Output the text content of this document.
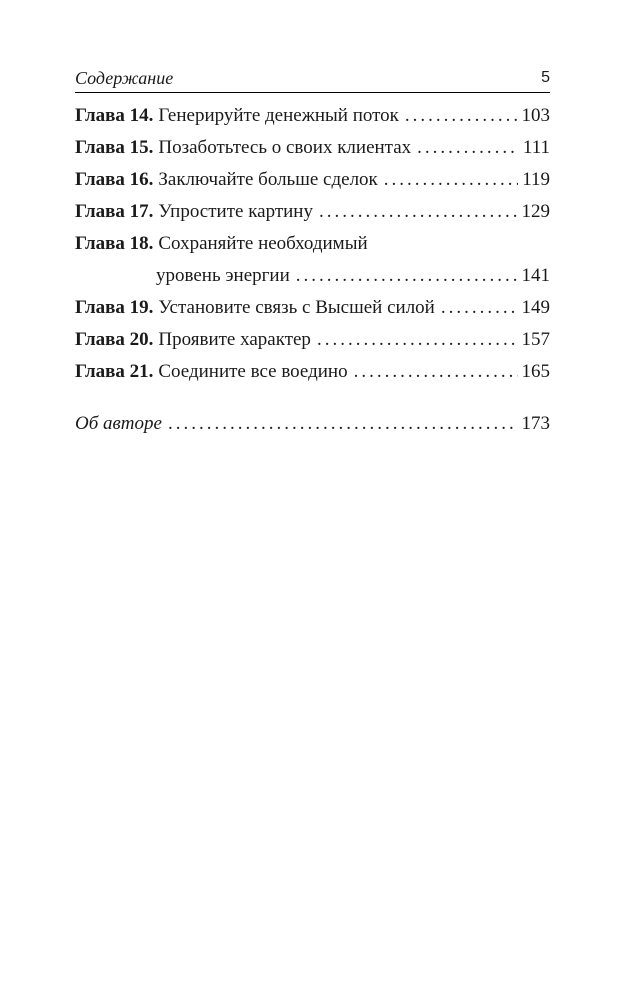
Содержание	5
Глава 14. Генерируйте денежный поток .....	103
Глава 15. Позаботьтесь о своих клиентах .....	111
Глава 16. Заключайте больше сделок .....	119
Глава 17. Упростите картину .....	129
Глава 18. Сохраняйте необходимый
уровень энергии .....	141
Глава 19. Установите связь с Высшей силой .....	149
Глава 20. Проявите характер .....	157
Глава 21. Соедините все воедино .....	165
Об авторе .....	173
